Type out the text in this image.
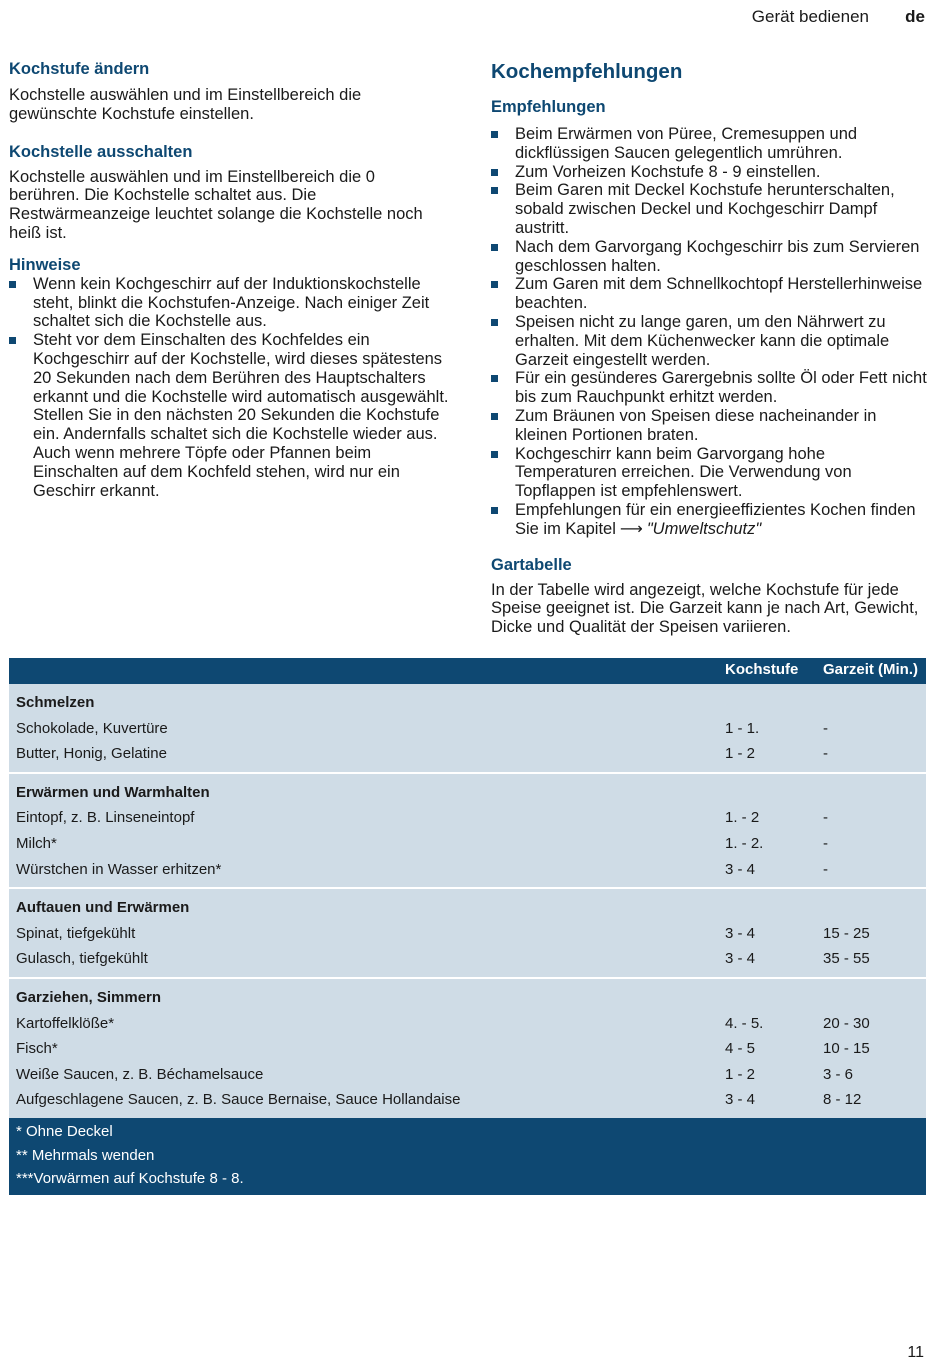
Gerät bedienen de
Kochstufe ändern

Kochstelle auswählen und im Einstellbereich die gewünschte Kochstufe einstellen.

Kochstelle ausschalten

Kochstelle auswählen und im Einstellbereich die 0 berühren. Die Kochstelle schaltet aus. Die Restwärmeanzeige leuchtet solange die Kochstelle noch heiß ist.

Hinweise
Wenn kein Kochgeschirr auf der Induktionskochstelle steht, blinkt die Kochstufen-Anzeige. Nach einiger Zeit schaltet sich die Kochstelle aus.
Steht vor dem Einschalten des Kochfeldes ein Kochgeschirr auf der Kochstelle, wird dieses spätestens 20 Sekunden nach dem Berühren des Hauptschalters erkannt und die Kochstelle wird automatisch ausgewählt. Stellen Sie in den nächsten 20 Sekunden die Kochstufe ein. Andernfalls schaltet sich die Kochstelle wieder aus.
Auch wenn mehrere Töpfe oder Pfannen beim Einschalten auf dem Kochfeld stehen, wird nur ein Geschirr erkannt.
Kochempfehlungen
Empfehlungen
Beim Erwärmen von Püree, Cremesuppen und dickflüssigen Saucen gelegentlich umrühren.
Zum Vorheizen Kochstufe 8 - 9 einstellen.
Beim Garen mit Deckel Kochstufe herunterschalten, sobald zwischen Deckel und Kochgeschirr Dampf austritt.
Nach dem Garvorgang Kochgeschirr bis zum Servieren geschlossen halten.
Zum Garen mit dem Schnellkochtopf Herstellerhinweise beachten.
Speisen nicht zu lange garen, um den Nährwert zu erhalten. Mit dem Küchenwecker kann die optimale Garzeit eingestellt werden.
Für ein gesünderes Garergebnis sollte Öl oder Fett nicht bis zum Rauchpunkt erhitzt werden.
Zum Bräunen von Speisen diese nacheinander in kleinen Portionen braten.
Kochgeschirr kann beim Garvorgang hohe Temperaturen erreichen. Die Verwendung von Topflappen ist empfehlenswert.
Empfehlungen für ein energieeffizientes Kochen finden Sie im Kapitel ⟶ "Umweltschutz"
Gartabelle

In der Tabelle wird angezeigt, welche Kochstufe für jede Speise geeignet ist. Die Garzeit kann je nach Art, Gewicht, Dicke und Qualität der Speisen variieren.

Kochstufe Garzeit (Min.)
Schmelzen
Schokolade, Kuvertüre	1 - 1.	-
Butter, Honig, Gelatine	1 - 2	-
Erwärmen und Warmhalten
Eintopf, z. B. Linseneintopf	1. - 2	-
Milch*	1. - 2.	-
Würstchen in Wasser erhitzen*	3 - 4	-
Auftauen und Erwärmen
Spinat, tiefgekühlt	3 - 4	15 - 25
Gulasch, tiefgekühlt	3 - 4	35 - 55
Garziehen, Simmern
Kartoffelklöße*	4. - 5.	20 - 30
Fisch*	4 - 5	10 - 15
Weiße Saucen, z. B. Béchamelsauce	1 - 2	3 - 6
Aufgeschlagene Saucen, z. B. Sauce Bernaise, Sauce Hollandaise	3 - 4	8 - 12
* Ohne Deckel
** Mehrmals wenden
***Vorwärmen auf Kochstufe 8 - 8.
11
